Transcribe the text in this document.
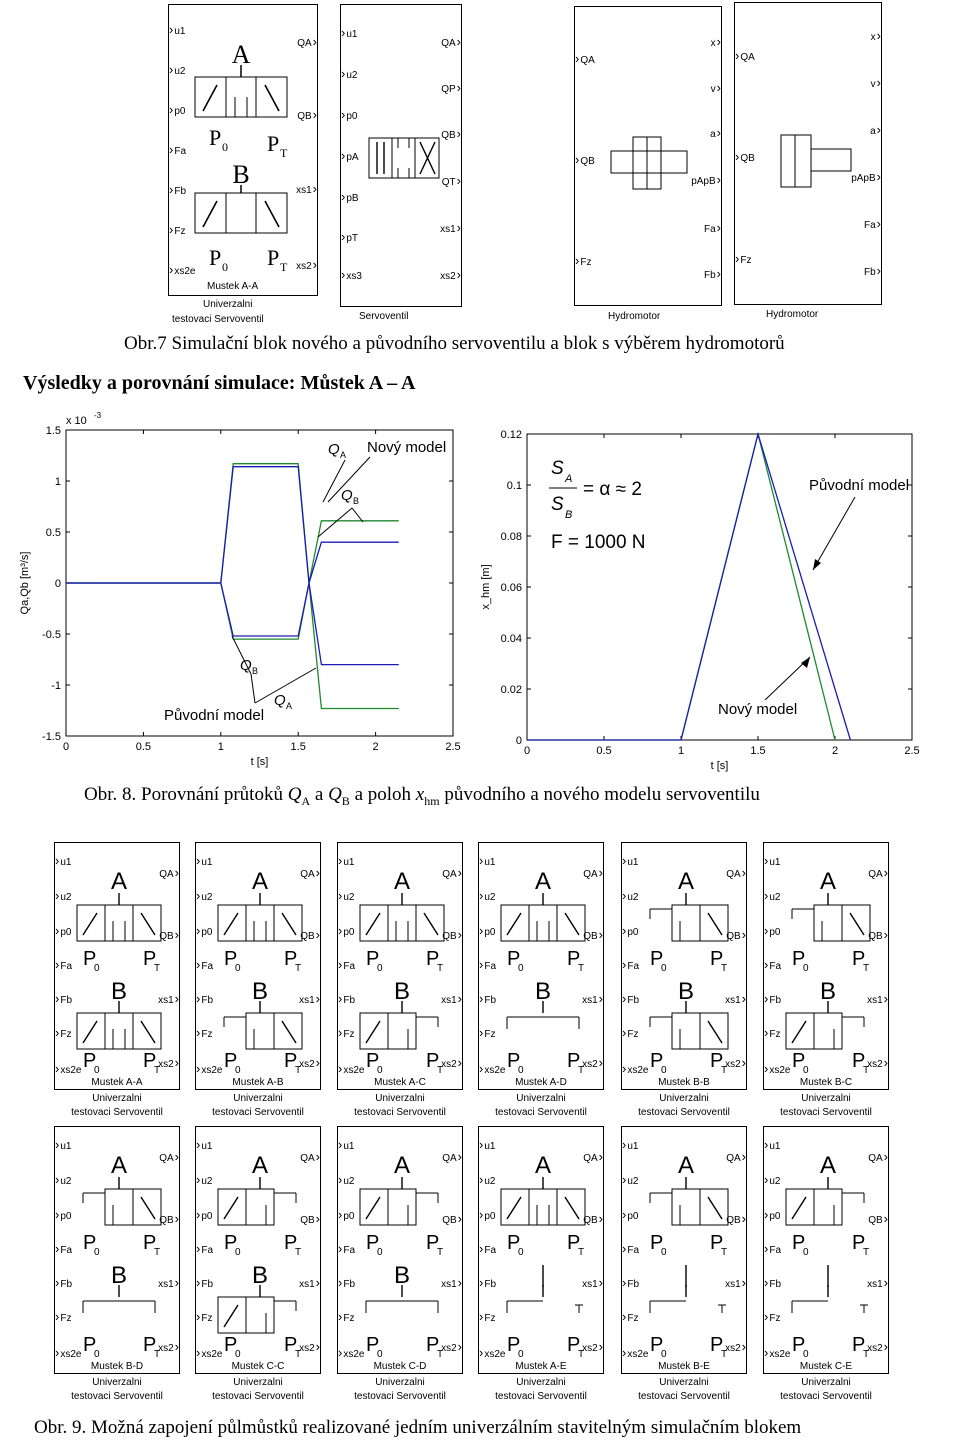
› u1
› u2
› p0
› Fa
› Fb
› Fz
› xs2e
QA ›
QB ›
xs1 ›
xs2 ›
A
P 0 P T
B
P 0 P T
Mustek A-A
Univerzalni
testovaci Servoventil
› u1
› u2
› p0
› pA
› pB
› pT
› xs3
QA ›
QP ›
QB ›
QT ›
xs1 ›
xs2 ›
Servoventil
› QA
› QB
› Fz
x ›
v ›
a ›
pApB ›
Fa ›
Fb ›
Hydromotor
› QA
› QB
› Fz
x ›
v ›
a ›
pApB ›
Fa ›
Fb ›
Hydromotor
Obr.7 Simulační blok nového a původního servoventilu a blok s výběrem hydromotorů
Výsledky a porovnání simulace: Můstek A – A
0	0.5	1	1.5	2	2.5
1.5
1
0.5
0
-0.5
-1
-1.5
t [s]
Qa,Qb [m³/s]
x 10 -3
Q A Nový model
Q B
Q B
Q A
Původní model
0	0.5	1	1.5	2	2.5
0.12
0.1
0.08
0.06
0.04
0.02
0
t [s]
x_hm [m]
S A
S B
= α ≈ 2
F = 1000 N
Původní model
Nový model
Obr. 8. Porovnání průtoků $Q_A$ a $Q_B$ a poloh $x_{hm}$ původního a nového modelu servoventilu
› u1
› u2
› p0
› Fa
› Fb
› Fz
› xs2e
QA ›
QB ›
xs1 ›
xs2 ›
A
P
0 P
T
B
P
0 P
T
Mustek A-A
Univerzalni
testovaci Servoventil
› u1
› u2
› p0
› Fa
› Fb
› Fz
› xs2e
QA ›
QB ›
xs1 ›
xs2 ›
A
P
0 P
T
B
P
0 P
T
Mustek A-B
Univerzalni
testovaci Servoventil
› u1
› u2
› p0
› Fa
› Fb
› Fz
› xs2e
QA ›
QB ›
xs1 ›
xs2 ›
A
P
0 P
T
B
P
0 P
T
Mustek A-C
Univerzalni
testovaci Servoventil
› u1
› u2
› p0
› Fa
› Fb
› Fz
› xs2e
QA ›
QB ›
xs1 ›
xs2 ›
A
P
0 P
T
B
P
0 P
T
Mustek A-D
Univerzalni
testovaci Servoventil
› u1
› u2
› p0
› Fa
› Fb
› Fz
› xs2e
QA ›
QB ›
xs1 ›
xs2 ›
A
P
0 P
T
B
P
0 P
T
Mustek B-B
Univerzalni
testovaci Servoventil
› u1
› u2
› p0
› Fa
› Fb
› Fz
› xs2e
QA ›
QB ›
xs1 ›
xs2 ›
A
P
0 P
T
B
P
0 P
T
Mustek B-C
Univerzalni
testovaci Servoventil
› u1
› u2
› p0
› Fa
› Fb
› Fz
› xs2e
QA ›
QB ›
xs1 ›
xs2 ›
A
P
0 P
T
B
P
0 P
T
Mustek B-D
Univerzalni
testovaci Servoventil
› u1
› u2
› p0
› Fa
› Fb
› Fz
› xs2e
QA ›
QB ›
xs1 ›
xs2 ›
A
P
0 P
T
B
P
0 P
T
Mustek C-C
Univerzalni
testovaci Servoventil
› u1
› u2
› p0
› Fa
› Fb
› Fz
› xs2e
QA ›
QB ›
xs1 ›
xs2 ›
A
P
0 P
T
B
P
0 P
T
Mustek C-D
Univerzalni
testovaci Servoventil
› u1
› u2
› p0
› Fa
› Fb
› Fz
› xs2e
QA ›
QB ›
xs1 ›
xs2 ›
A
P
0 P
T
P
0 P
T
Mustek A-E
Univerzalni
testovaci Servoventil
› u1
› u2
› p0
› Fa
› Fb
› Fz
› xs2e
QA ›
QB ›
xs1 ›
xs2 ›
A
P
0 P
T
P
0 P
T
Mustek B-E
Univerzalni
testovaci Servoventil
› u1
› u2
› p0
› Fa
› Fb
› Fz
› xs2e
QA ›
QB ›
xs1 ›
xs2 ›
A
P
0 P
T
P
0 P
T
Mustek C-E
Univerzalni
testovaci Servoventil
Obr. 9. Možná zapojení půlmůstků realizované jedním univerzálním stavitelným simulačním blokem
